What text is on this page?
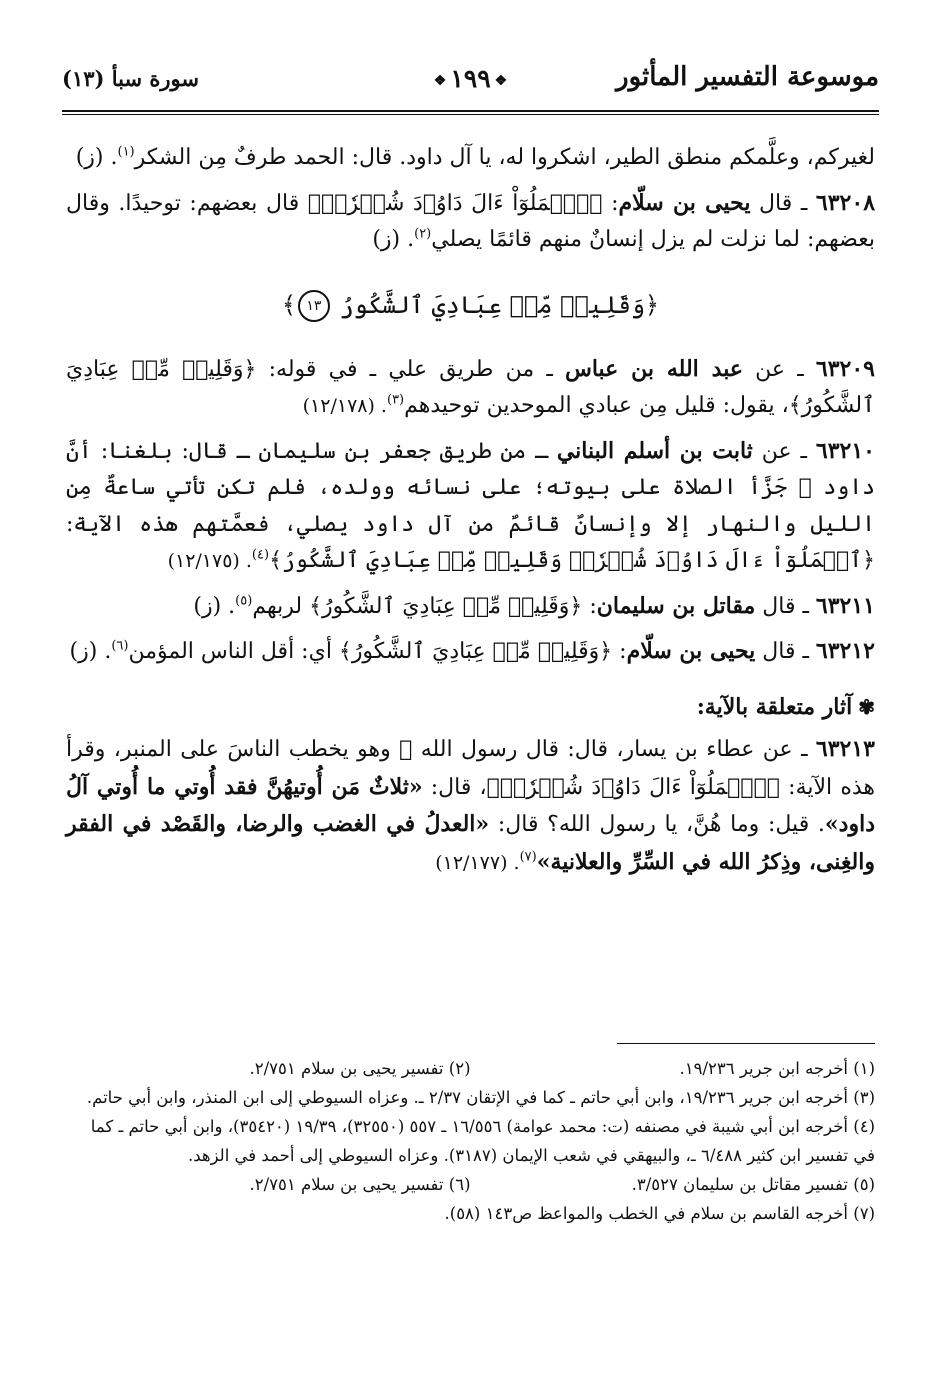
موسوعة التفسير المأثور
❖١٩٩❖
سورة سبأ (١٣)

لغيركم، وعلَّمكم منطق الطير، اشكروا له، يا آل داود. قال: الحمد طرفٌ مِن الشكر$^{(١)}$. (ز)

٦٣٢٠٨ ـ قال يحيى بن سلّام: ﴿ٱعۡمَلُوٓاْ ءَالَ دَاوُۥدَ شُكۡرٗاۚ﴾ قال بعضهم: توحيدًا. وقال بعضهم: لما نزلت لم يزل إنسانٌ منهم قائمًا يصلي$^{(٢)}$. (ز)

﴿وَقَلِيلٞ مِّنۡ عِبَادِيَ ٱلشَّكُورُ ١٣﴾

٦٣٢٠٩ ـ عن عبد الله بن عباس ـ من طريق علي ـ في قوله: ﴿وَقَلِيلٞ مِّنۡ عِبَادِيَ ٱلشَّكُورُ﴾، يقول: قليل مِن عبادي الموحدين توحيدهم$^{(٣)}$. (١٢/١٧٨)

٦٣٢١٠ ـ عن ثابت بن أسلم البناني ـ من طريق جعفر بن سليمان ـ قال: بلغنا: أنَّ داود ﵇ جَزَّأ الصلاة على بيوته؛ على نسائه وولده، فلم تكن تأتي ساعةٌ مِن الليل والنهار إلا وإنسانٌ قائمٌ من آل داود يصلي، فعمَّتهم هذه الآية: ﴿ٱعۡمَلُوٓاْ ءَالَ دَاوُۥدَ شُكۡرٗاۚ وَقَلِيلٞ مِّنۡ عِبَادِيَ ٱلشَّكُورُ﴾$^{(٤)}$. (١٢/١٧٥)

٦٣٢١١ ـ قال مقاتل بن سليمان: ﴿وَقَلِيلٞ مِّنۡ عِبَادِيَ ٱلشَّكُورُ﴾ لربهم$^{(٥)}$. (ز)

٦٣٢١٢ ـ قال يحيى بن سلّام: ﴿وَقَلِيلٞ مِّنۡ عِبَادِيَ ٱلشَّكُورُ﴾ أي: أقل الناس المؤمن$^{(٦)}$. (ز)

✾آثار متعلقة بالآية:

٦٣٢١٣ ـ عن عطاء بن يسار، قال: قال رسول الله ﷺ وهو يخطب الناسَ على المنبر، وقرأ هذه الآية: ﴿ٱعۡمَلُوٓاْ ءَالَ دَاوُۥدَ شُكۡرٗاۚ﴾، قال: «ثلاثٌ مَن أُوتيهُنَّ فقد أُوتي ما أُوتي آلُ داود». قيل: وما هُنَّ، يا رسول الله؟ قال: «العدلُ في الغضب والرضا، والقَصْد في الفقر والغِنى، وذِكرُ الله في السِّرِّ والعلانية»$^{(٧)}$. (١٢/١٧٧)

(١) أخرجه ابن جرير ١٩/٢٣٦.

(٢) تفسير يحيى بن سلام ٢/٧٥١.

(٣) أخرجه ابن جرير ١٩/٢٣٦، وابن أبي حاتم ـ كما في الإتقان ٢/٣٧ ـ. وعزاه السيوطي إلى ابن المنذر، وابن أبي حاتم.

(٤) أخرجه ابن أبي شيبة في مصنفه (ت: محمد عوامة) ١٦/٥٥٦ ـ ٥٥٧ (٣٢٥٥٠)، ١٩/٣٩ (٣٥٤٢٠)، وابن أبي حاتم ـ كما في تفسير ابن كثير ٦/٤٨٨ ـ، والبيهقي في شعب الإيمان (٣١٨٧). وعزاه السيوطي إلى أحمد في الزهد.

(٥) تفسير مقاتل بن سليمان ٣/٥٢٧.

(٦) تفسير يحيى بن سلام ٢/٧٥١.

(٧) أخرجه القاسم بن سلام في الخطب والمواعظ ص١٤٣ (٥٨).
